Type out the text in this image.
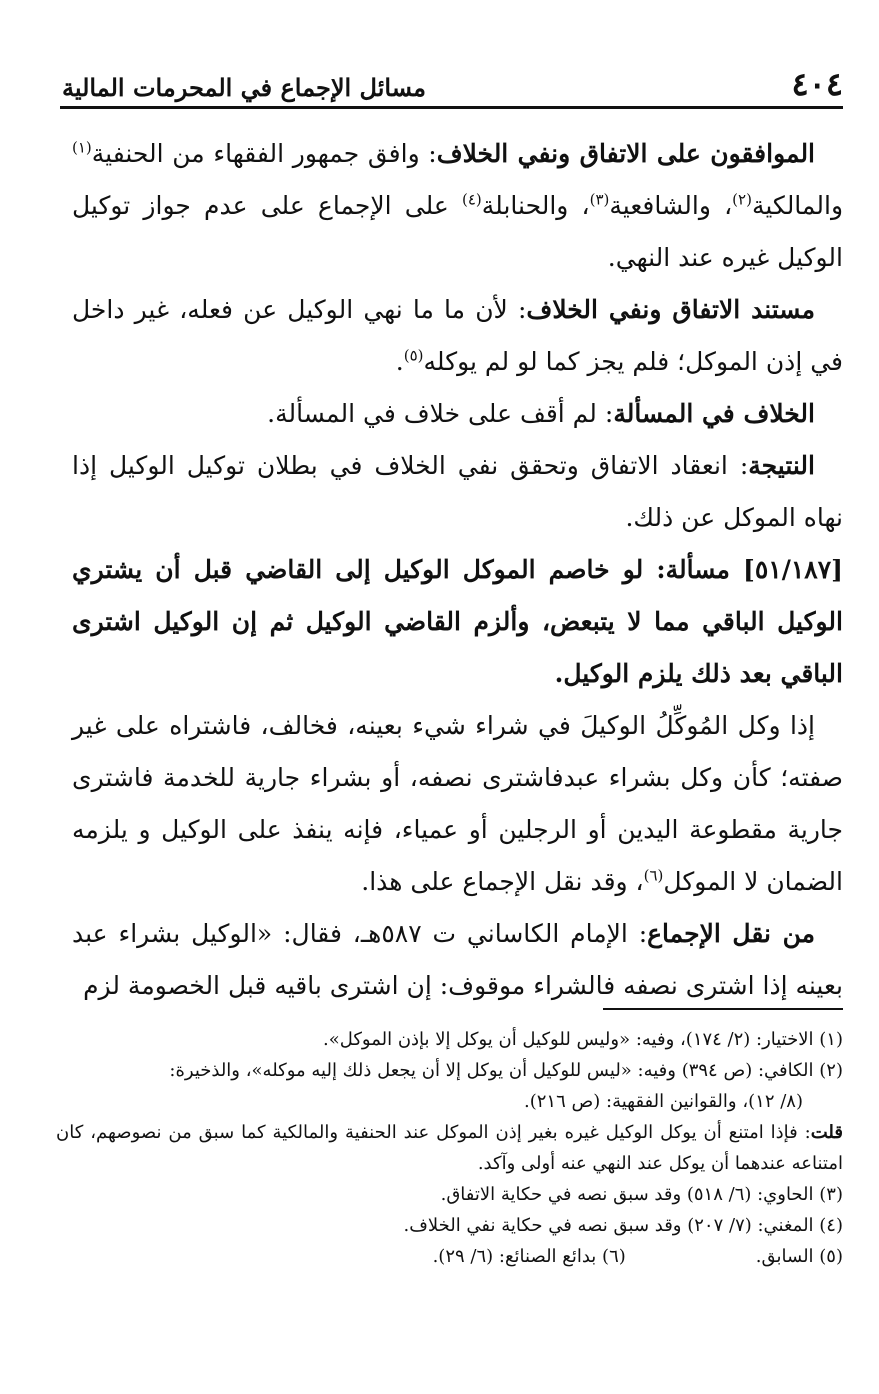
٤٠٤
مسائل الإجماع في المحرمات المالية

الموافقون على الاتفاق ونفي الخلاف: وافق جمهور الفقهاء من الحنفية$^{(١)}$ والمالكية$^{(٢)}$، والشافعية$^{(٣)}$، والحنابلة$^{(٤)}$ على الإجماع على عدم جواز توكيل الوكيل غيره عند النهي.

مستند الاتفاق ونفي الخلاف: لأن ما ما نهي الوكيل عن فعله، غير داخل في إذن الموكل؛ فلم يجز كما لو لم يوكله$^{(٥)}$.

الخلاف في المسألة: لم أقف على خلاف في المسألة.

النتيجة: انعقاد الاتفاق وتحقق نفي الخلاف في بطلان توكيل الوكيل إذا نهاه الموكل عن ذلك.

[٥١/١٨٧] مسألة: لو خاصم الموكل الوكيل إلى القاضي قبل أن يشتري الوكيل الباقي مما لا يتبعض، وألزم القاضي الوكيل ثم إن الوكيل اشترى الباقي بعد ذلك يلزم الوكيل.

إذا وكل المُوكِّلُ الوكيلَ في شراء شيء بعينه، فخالف، فاشتراه على غير صفته؛ كأن وكل بشراء عبدفاشترى نصفه، أو بشراء جارية للخدمة فاشترى جارية مقطوعة اليدين أو الرجلين أو عمياء، فإنه ينفذ على الوكيل و يلزمه الضمان لا الموكل$^{(٦)}$، وقد نقل الإجماع على هذا.

من نقل الإجماع: الإمام الكاساني ت ٥٨٧هـ، فقال: «الوكيل بشراء عبد بعينه إذا اشترى نصفه فالشراء موقوف: إن اشترى باقيه قبل الخصومة لزم

(١) الاختيار: (٢/ ١٧٤)، وفيه: «وليس للوكيل أن يوكل إلا بإذن الموكل».

(٢) الكافي: (ص ٣٩٤) وفيه: «ليس للوكيل أن يوكل إلا أن يجعل ذلك إليه موكله»، والذخيرة:

(٨/ ١٢)، والقوانين الفقهية: (ص ٢١٦).

قلت: فإذا امتنع أن يوكل الوكيل غيره بغير إذن الموكل عند الحنفية والمالكية كما سبق من نصوصهم، كان امتناعه عندهما أن يوكل عند النهي عنه أولى وآكد.

(٣) الحاوي: (٦/ ٥١٨) وقد سبق نصه في حكاية الاتفاق.

(٤) المغني: (٧/ ٢٠٧) وقد سبق نصه في حكاية نفي الخلاف.

(٥) السابق.
(٦) بدائع الصنائع: (٦/ ٢٩).
